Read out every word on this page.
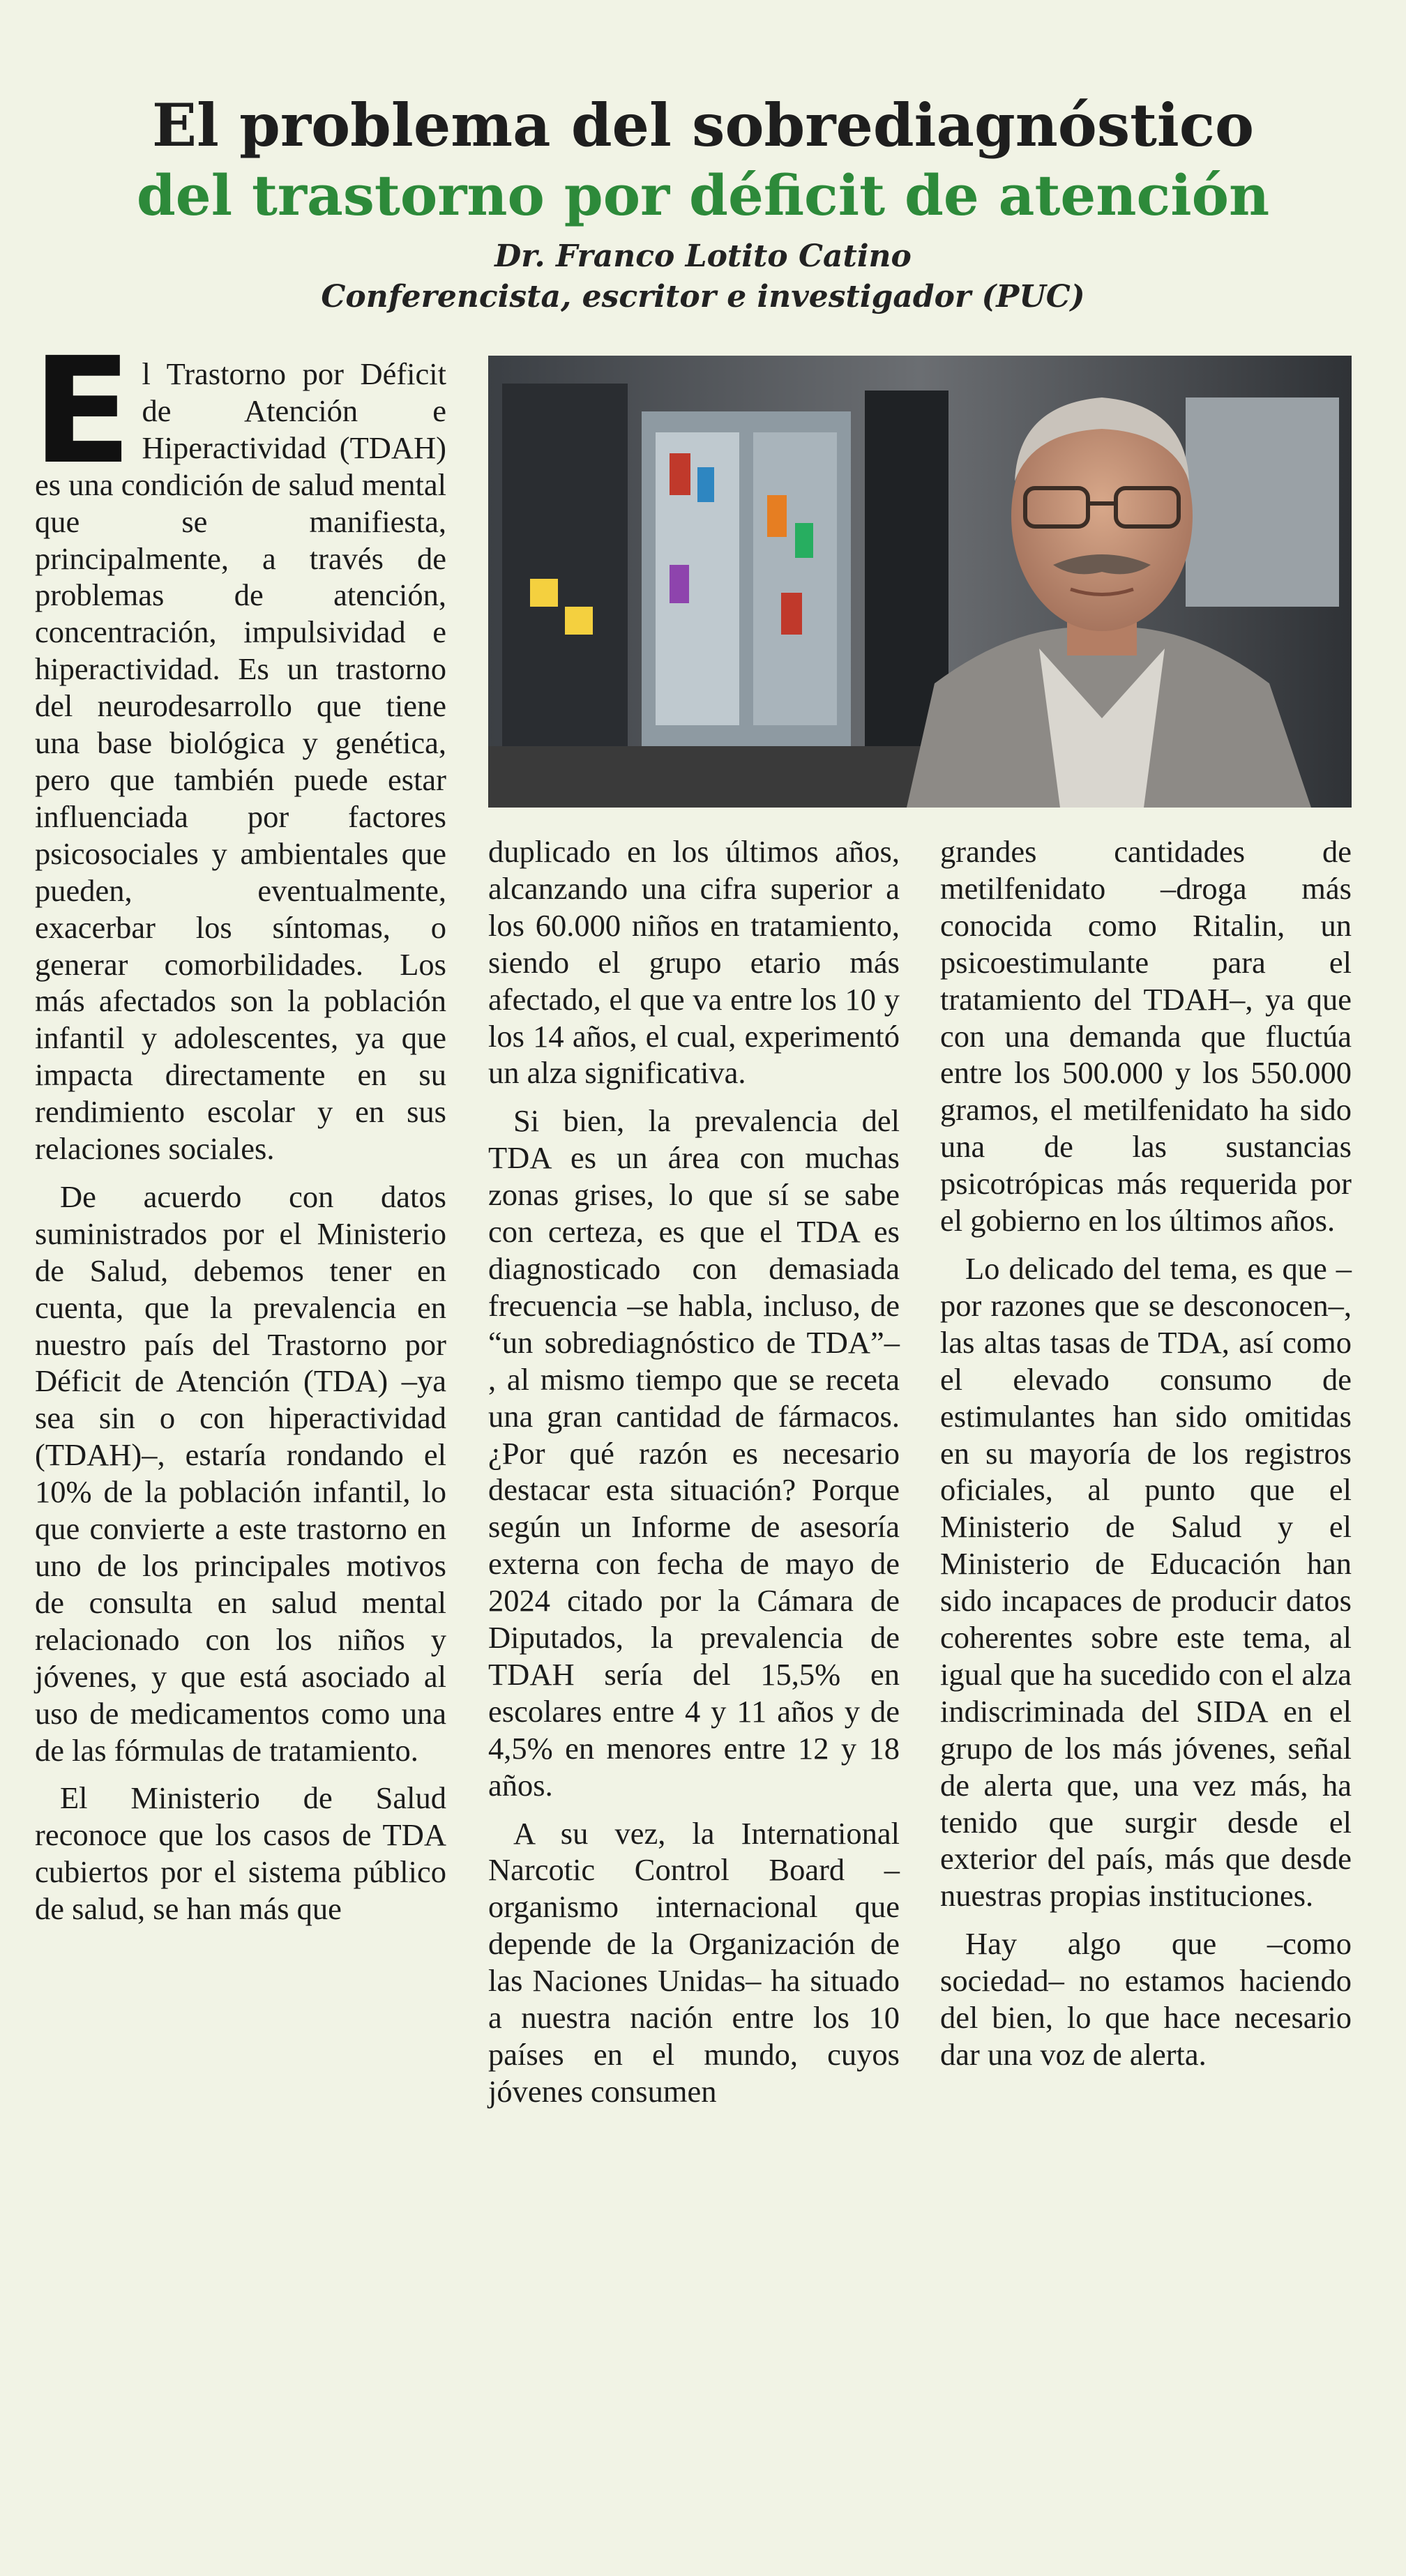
El problema del sobrediagnóstico
del trastorno por déficit de atención
Dr. Franco Lotito Catino
Conferencista, escritor e investigador (PUC)

El Trastorno por Déficit de Atención e Hiperactividad (TDAH) es una condición de salud mental que se manifiesta, principalmente, a través de problemas de atención, concentración, impulsividad e hiperactividad. Es un trastorno del neurodesarrollo que tiene una base biológica y genética, pero que también puede estar influenciada por factores psicosociales y ambientales que pueden, eventualmente, exacerbar los síntomas, o generar comorbilidades. Los más afectados son la población infantil y adolescentes, ya que impacta directamente en su rendimiento escolar y en sus relaciones sociales.

De acuerdo con datos suministrados por el Ministerio de Salud, debemos tener en cuenta, que la prevalencia en nuestro país del Trastorno por Déficit de Atención (TDA) –ya sea sin o con hiperactividad (TDAH)–, estaría rondando el 10% de la población infantil, lo que convierte a este trastorno en uno de los principales motivos de consulta en salud mental relacionado con los niños y jóvenes, y que está asociado al uso de medicamentos como una de las fórmulas de tratamiento.

El Ministerio de Salud reconoce que los casos de TDA cubiertos por el sistema público de salud, se han más que

duplicado en los últimos años, alcanzando una cifra superior a los 60.000 niños en tratamiento, siendo el grupo etario más afectado, el que va entre los 10 y los 14 años, el cual, experimentó un alza significativa.

Si bien, la prevalencia del TDA es un área con muchas zonas grises, lo que sí se sabe con certeza, es que el TDA es diagnosticado con demasiada frecuencia –se habla, incluso, de “un sobrediagnóstico de TDA”– , al mismo tiempo que se receta una gran cantidad de fármacos. ¿Por qué razón es necesario destacar esta situación? Porque según un Informe de asesoría externa con fecha de mayo de 2024 citado por la Cámara de Diputados, la prevalencia de TDAH sería del 15,5% en escolares entre 4 y 11 años y de 4,5% en menores entre 12 y 18 años.

A su vez, la International Narcotic Control Board –organismo internacional que depende de la Organización de las Naciones Unidas– ha situado a nuestra nación entre los 10 países en el mundo, cuyos jóvenes consumen

grandes cantidades de metilfenidato –droga más conocida como Ritalin, un psicoestimulante para el tratamiento del TDAH–, ya que con una demanda que fluctúa entre los 500.000 y los 550.000 gramos, el metilfenidato ha sido una de las sustancias psicotrópicas más requerida por el gobierno en los últimos años.

Lo delicado del tema, es que –por razones que se desconocen–, las altas tasas de TDA, así como el elevado consumo de estimulantes han sido omitidas en su mayoría de los registros oficiales, al punto que el Ministerio de Salud y el Ministerio de Educación han sido incapaces de producir datos coherentes sobre este tema, al igual que ha sucedido con el alza indiscriminada del SIDA en el grupo de los más jóvenes, señal de alerta que, una vez más, ha tenido que surgir desde el exterior del país, más que desde nuestras propias instituciones.

Hay algo que –como sociedad– no estamos haciendo del bien, lo que hace necesario dar una voz de alerta.
